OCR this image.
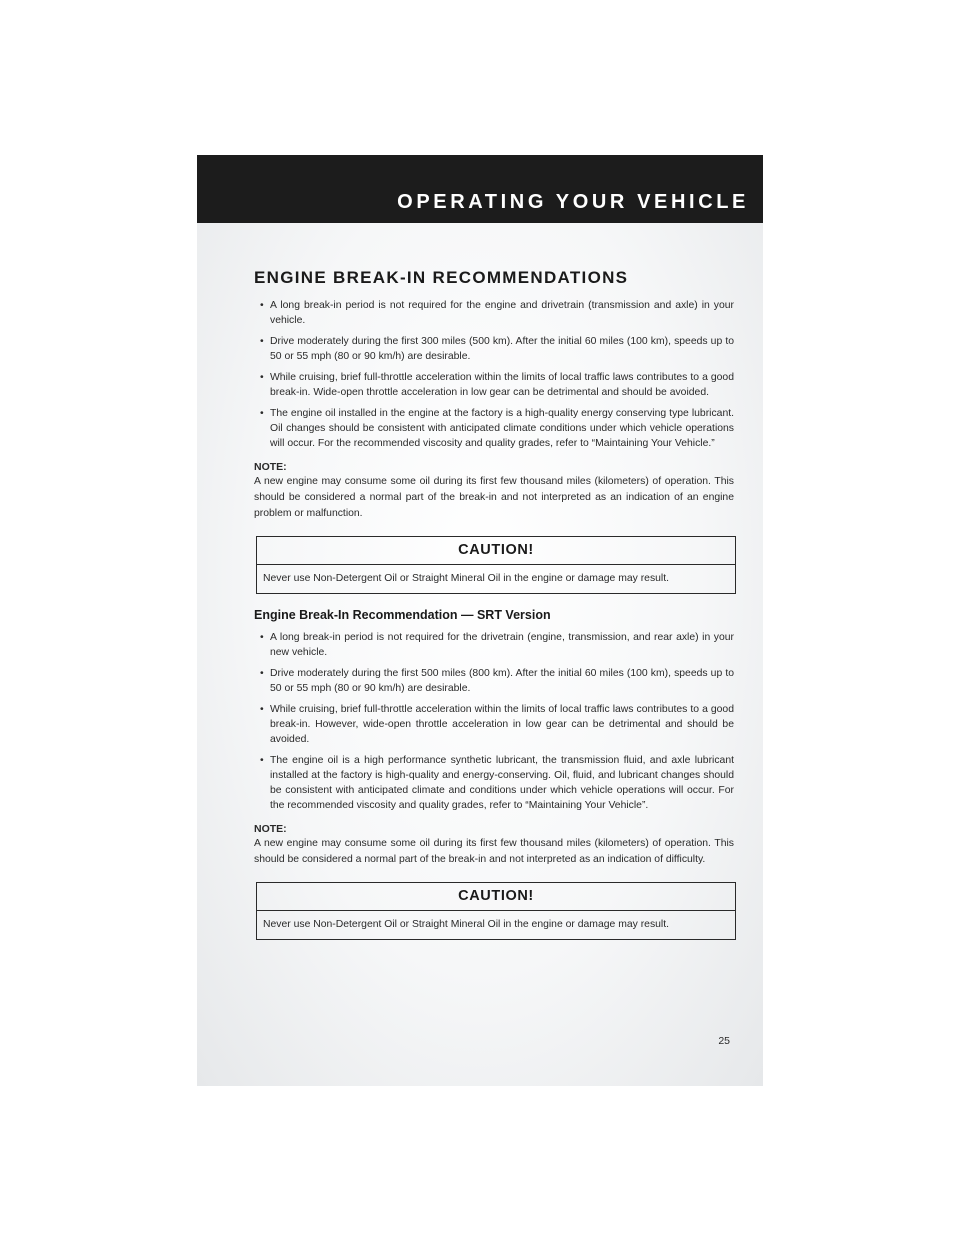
OPERATING YOUR VEHICLE
ENGINE BREAK-IN RECOMMENDATIONS
• A long break-in period is not required for the engine and drivetrain (transmission and axle) in your vehicle.
• Drive moderately during the first 300 miles (500 km). After the initial 60 miles (100 km), speeds up to 50 or 55 mph (80 or 90 km/h) are desirable.
• While cruising, brief full-throttle acceleration within the limits of local traffic laws contributes to a good break-in. Wide-open throttle acceleration in low gear can be detrimental and should be avoided.
• The engine oil installed in the engine at the factory is a high-quality energy conserving type lubricant. Oil changes should be consistent with anticipated climate conditions under which vehicle operations will occur. For the recommended viscosity and quality grades, refer to “Maintaining Your Vehicle.”
NOTE:
A new engine may consume some oil during its first few thousand miles (kilometers) of operation. This should be considered a normal part of the break-in and not interpreted as an indication of an engine problem or malfunction.
CAUTION!
Never use Non-Detergent Oil or Straight Mineral Oil in the engine or damage may result.
Engine Break-In Recommendation — SRT Version
• A long break-in period is not required for the drivetrain (engine, transmission, and rear axle) in your new vehicle.
• Drive moderately during the first 500 miles (800 km). After the initial 60 miles (100 km), speeds up to 50 or 55 mph (80 or 90 km/h) are desirable.
• While cruising, brief full-throttle acceleration within the limits of local traffic laws contributes to a good break-in. However, wide-open throttle acceleration in low gear can be detrimental and should be avoided.
• The engine oil is a high performance synthetic lubricant, the transmission fluid, and axle lubricant installed at the factory is high-quality and energy-conserving. Oil, fluid, and lubricant changes should be consistent with anticipated climate and conditions under which vehicle operations will occur. For the recommended viscosity and quality grades, refer to “Maintaining Your Vehicle”.
NOTE:
A new engine may consume some oil during its first few thousand miles (kilometers) of operation. This should be considered a normal part of the break-in and not interpreted as an indication of difficulty.
CAUTION!
Never use Non-Detergent Oil or Straight Mineral Oil in the engine or damage may result.
25
